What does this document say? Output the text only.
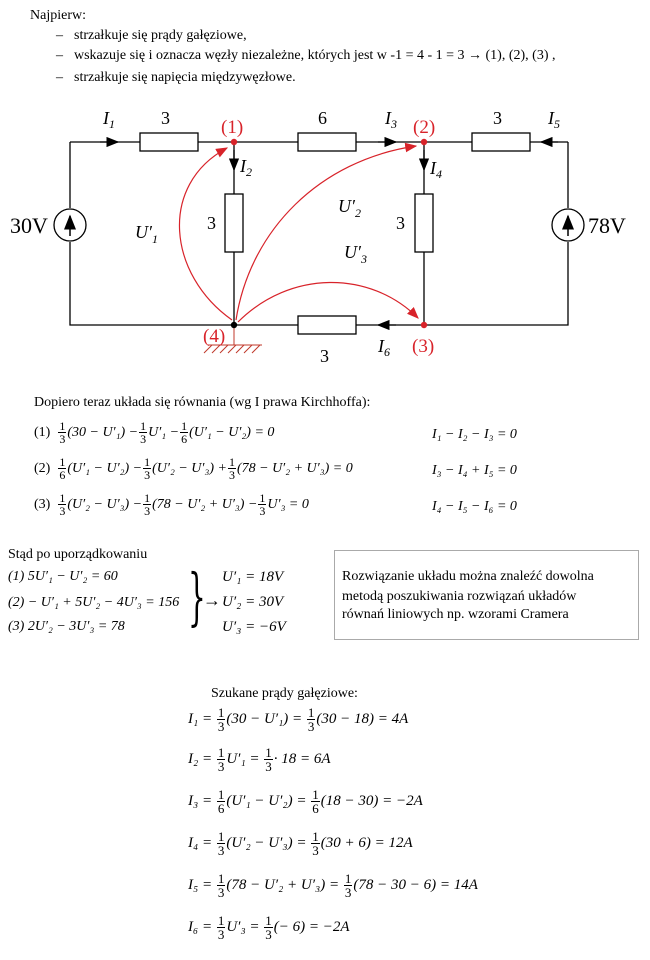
Najpierw:
– strzałkuje się prądy gałęziowe,
– wskazuje się i oznacza węzły niezależne, których jest w -1 = 4 - 1 = 3 → (1), (2), (3) ,
– strzałkuje się napięcia międzywęzłowe.
(1)	(2)
(3)
(4)
3	6	3
3	3
3
30V	78V
$I_1$	$I_3$	$I_5$
$I_2$	$I_4$
$I_6$
$U'_1$
$U'_2$
$U'_3$
Dopiero teraz układa się równania (wg I prawa Kirchhoffa):
(1)
$\frac{1}{3} (30 - U'_1) - \frac{1}{3} U'_1 - \frac{1}{6} (U'_1 - U'_2) = 0$	I₁ − I₂ − I₃ = 0
(2)
$\frac{1}{6} (U'_1 - U'_2) - \frac{1}{3} (U'_2 - U'_3) + \frac{1}{3} (78 - U'_2 + U'_3) = 0$	I₃ − I₄ + I₅ = 0
(3)
$\frac{1}{3} (U'_2 - U'_3) - \frac{1}{3} (78 - U'_2 + U'_3) - \frac{1}{3} U'_3 = 0$	I₄ − I₅ − I₆ = 0
Stąd po uporządkowaniu
(1) 5U′₁ − U′₂ = 60
(2) − U′₁ + 5U′₂ − 4U′₃ = 156
(3) 2U′₂ − 3U′₃ = 78 }
→
U′₁ = 18V
U′₂ = 30V
U′₃ = −6V
Rozwiązanie układu można znaleźć dowolna
metodą poszukiwania rozwiązań układów
równań liniowych np. wzorami Cramera
Szukane prądy gałęziowe:
I₁ =
$\frac{1}{3} (30 - U'_1)$ =
$\frac{1}{3} (30 - 18) = 4A$
I₂ =
$\frac{1}{3} U'_1$ =
$\frac{1}{3} \cdot 18 = 6A$
I₃ =
$\frac{1}{6} (U'_1 - U'_2)$ =
$\frac{1}{6} (18 - 30) = -2A$
I₄ =
$\frac{1}{3} (U'_2 - U'_3)$ =
$\frac{1}{3} (30 + 6) = 12A$
I₅ =
$\frac{1}{3} (78 - U'_2 + U'_3)$ =
$\frac{1}{3} (78 - 30 - 6) = 14A$
I₆ =
$\frac{1}{3} U'_3$ =
$\frac{1}{3}$ (− 6) = −2A
